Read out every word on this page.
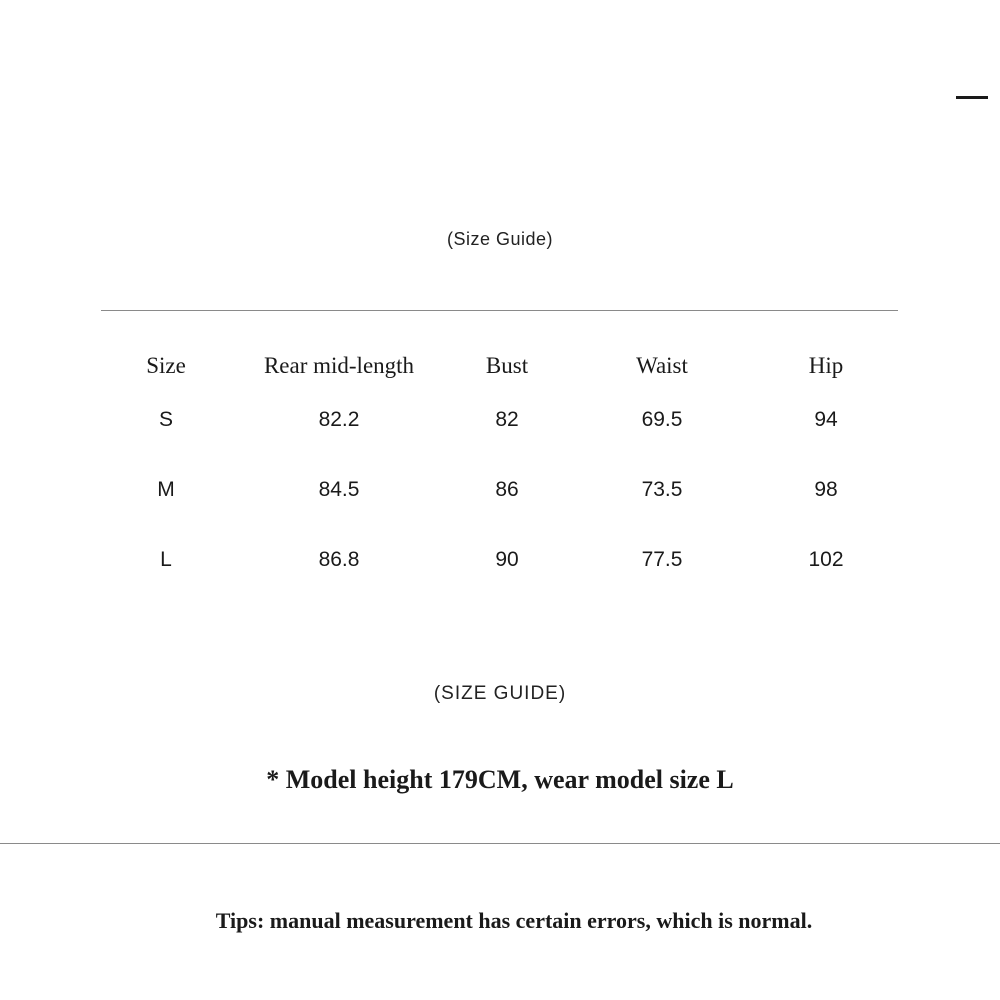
(Size Guide)
Size	Rear mid-length	Bust	Waist	Hip
S	82.2	82	69.5	94
M	84.5	86	73.5	98
L	86.8	90	77.5	102
(SIZE GUIDE)
* Model height 179CM, wear model size L
Tips: manual measurement has certain errors, which is normal.
